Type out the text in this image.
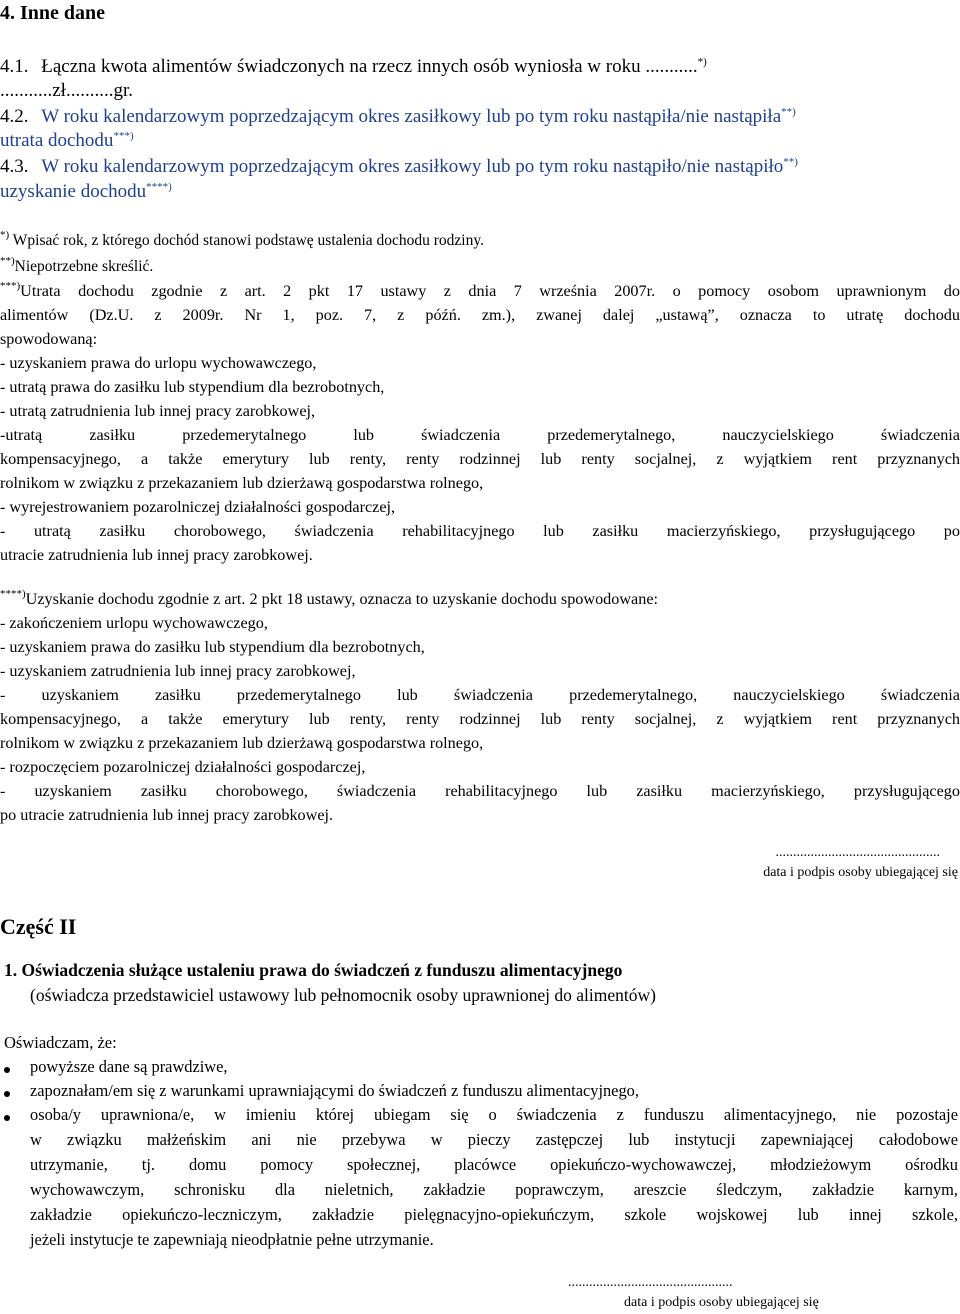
4. Inne dane
4.1. Łączna kwota alimentów świadczonych na rzecz innych osób wyniosła w roku ...........*)
...........zł..........gr.
4.2. W roku kalendarzowym poprzedzającym okres zasiłkowy lub po tym roku nastąpiła/nie nastąpiła**)
utrata dochodu***)
4.3. W roku kalendarzowym poprzedzającym okres zasiłkowy lub po tym roku nastąpiło/nie nastąpiło**)
uzyskanie dochodu****)
*) Wpisać rok, z którego dochód stanowi podstawę ustalenia dochodu rodziny.
**)Niepotrzebne skreślić.
***)Utrata dochodu zgodnie z art. 2 pkt 17 ustawy z dnia 7 września 2007r. o pomocy osobom uprawnionym do
alimentów (Dz.U. z 2009r. Nr 1, poz. 7, z późń. zm.), zwanej dalej „ustawą”, oznacza to utratę dochodu
spowodowaną:
- uzyskaniem prawa do urlopu wychowawczego,
- utratą prawa do zasiłku lub stypendium dla bezrobotnych,
- utratą zatrudnienia lub innej pracy zarobkowej,
-utratą zasiłku przedemerytalnego lub świadczenia przedemerytalnego, nauczycielskiego świadczenia
kompensacyjnego, a także emerytury lub renty, renty rodzinnej lub renty socjalnej, z wyjątkiem rent przyznanych
rolnikom w związku z przekazaniem lub dzierżawą gospodarstwa rolnego,
- wyrejestrowaniem pozarolniczej działalności gospodarczej,
- utratą zasiłku chorobowego, świadczenia rehabilitacyjnego lub zasiłku macierzyńskiego, przysługującego po
utracie zatrudnienia lub innej pracy zarobkowej.
****)Uzyskanie dochodu zgodnie z art. 2 pkt 18 ustawy, oznacza to uzyskanie dochodu spowodowane:
- zakończeniem urlopu wychowawczego,
- uzyskaniem prawa do zasiłku lub stypendium dla bezrobotnych,
- uzyskaniem zatrudnienia lub innej pracy zarobkowej,
- uzyskaniem zasiłku przedemerytalnego lub świadczenia przedemerytalnego, nauczycielskiego świadczenia
kompensacyjnego, a także emerytury lub renty, renty rodzinnej lub renty socjalnej, z wyjątkiem rent przyznanych
rolnikom w związku z przekazaniem lub dzierżawą gospodarstwa rolnego,
- rozpoczęciem pozarolniczej działalności gospodarczej,
- uzyskaniem zasiłku chorobowego, świadczenia rehabilitacyjnego lub zasiłku macierzyńskiego, przysługującego
po utracie zatrudnienia lub innej pracy zarobkowej.
...............................................
data i podpis osoby ubiegającej się
Część II
1. Oświadczenia służące ustaleniu prawa do świadczeń z funduszu alimentacyjnego
(oświadcza przedstawiciel ustawowy lub pełnomocnik osoby uprawnionej do alimentów)
Oświadczam, że:
powyższe dane są prawdziwe,
zapoznałam/em się z warunkami uprawniającymi do świadczeń z funduszu alimentacyjnego,
osoba/y uprawniona/e, w imieniu której ubiegam się o świadczenia z funduszu alimentacyjnego, nie pozostaje
w związku małżeńskim ani nie przebywa w pieczy zastępczej lub instytucji zapewniającej całodobowe
utrzymanie, tj. domu pomocy społecznej, placówce opiekuńczo-wychowawczej, młodzieżowym ośrodku
wychowawczym, schronisku dla nieletnich, zakładzie poprawczym, areszcie śledczym, zakładzie karnym,
zakładzie opiekuńczo-leczniczym, zakładzie pielęgnacyjno-opiekuńczym, szkole wojskowej lub innej szkole,
jeżeli instytucje te zapewniają nieodpłatnie pełne utrzymanie.
...............................................
data i podpis osoby ubiegającej się
